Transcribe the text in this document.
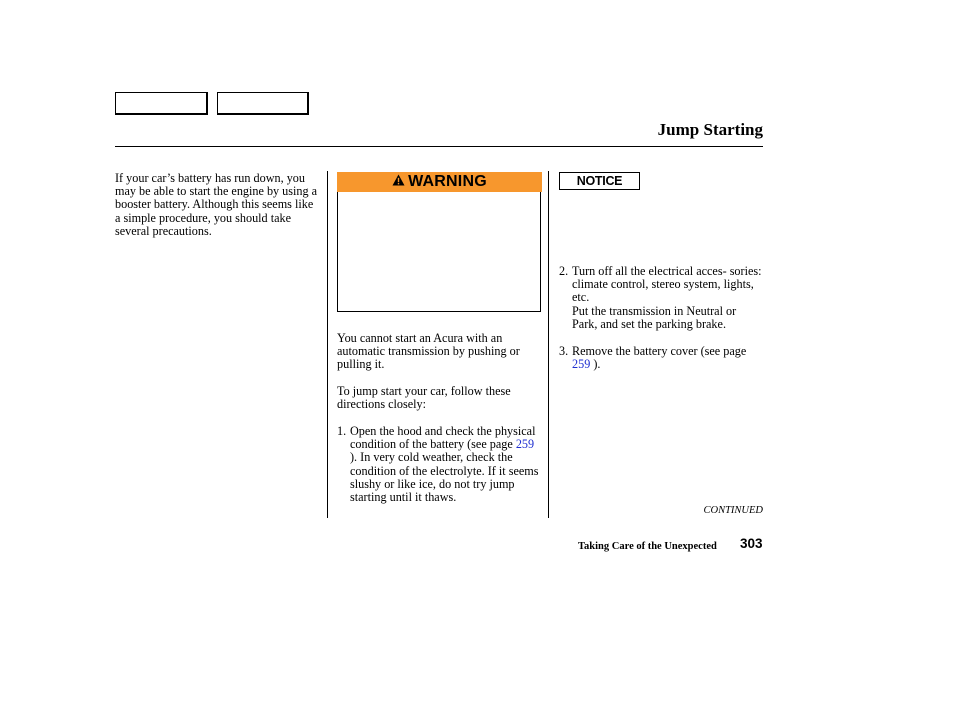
Jump Starting
If your car’s battery has run down, you may be able to start the engine by using a booster battery. Although this seems like a simple procedure, you should take several precautions.
WARNING
You cannot start an Acura with an automatic transmission by pushing or pulling it.
To jump start your car, follow these directions closely:
1. Open the hood and check the physical condition of the battery (see page 259 ). In very cold weather, check the condition of the electrolyte. If it seems slushy or like ice, do not try jump starting until it thaws.
NOTICE
2. Turn off all the electrical acces- sories: climate control, stereo system, lights, etc.
Put the transmission in Neutral or Park, and set the parking brake.
3. Remove the battery cover (see page 259 ).
CONTINUED
Taking Care of the Unexpected 303
